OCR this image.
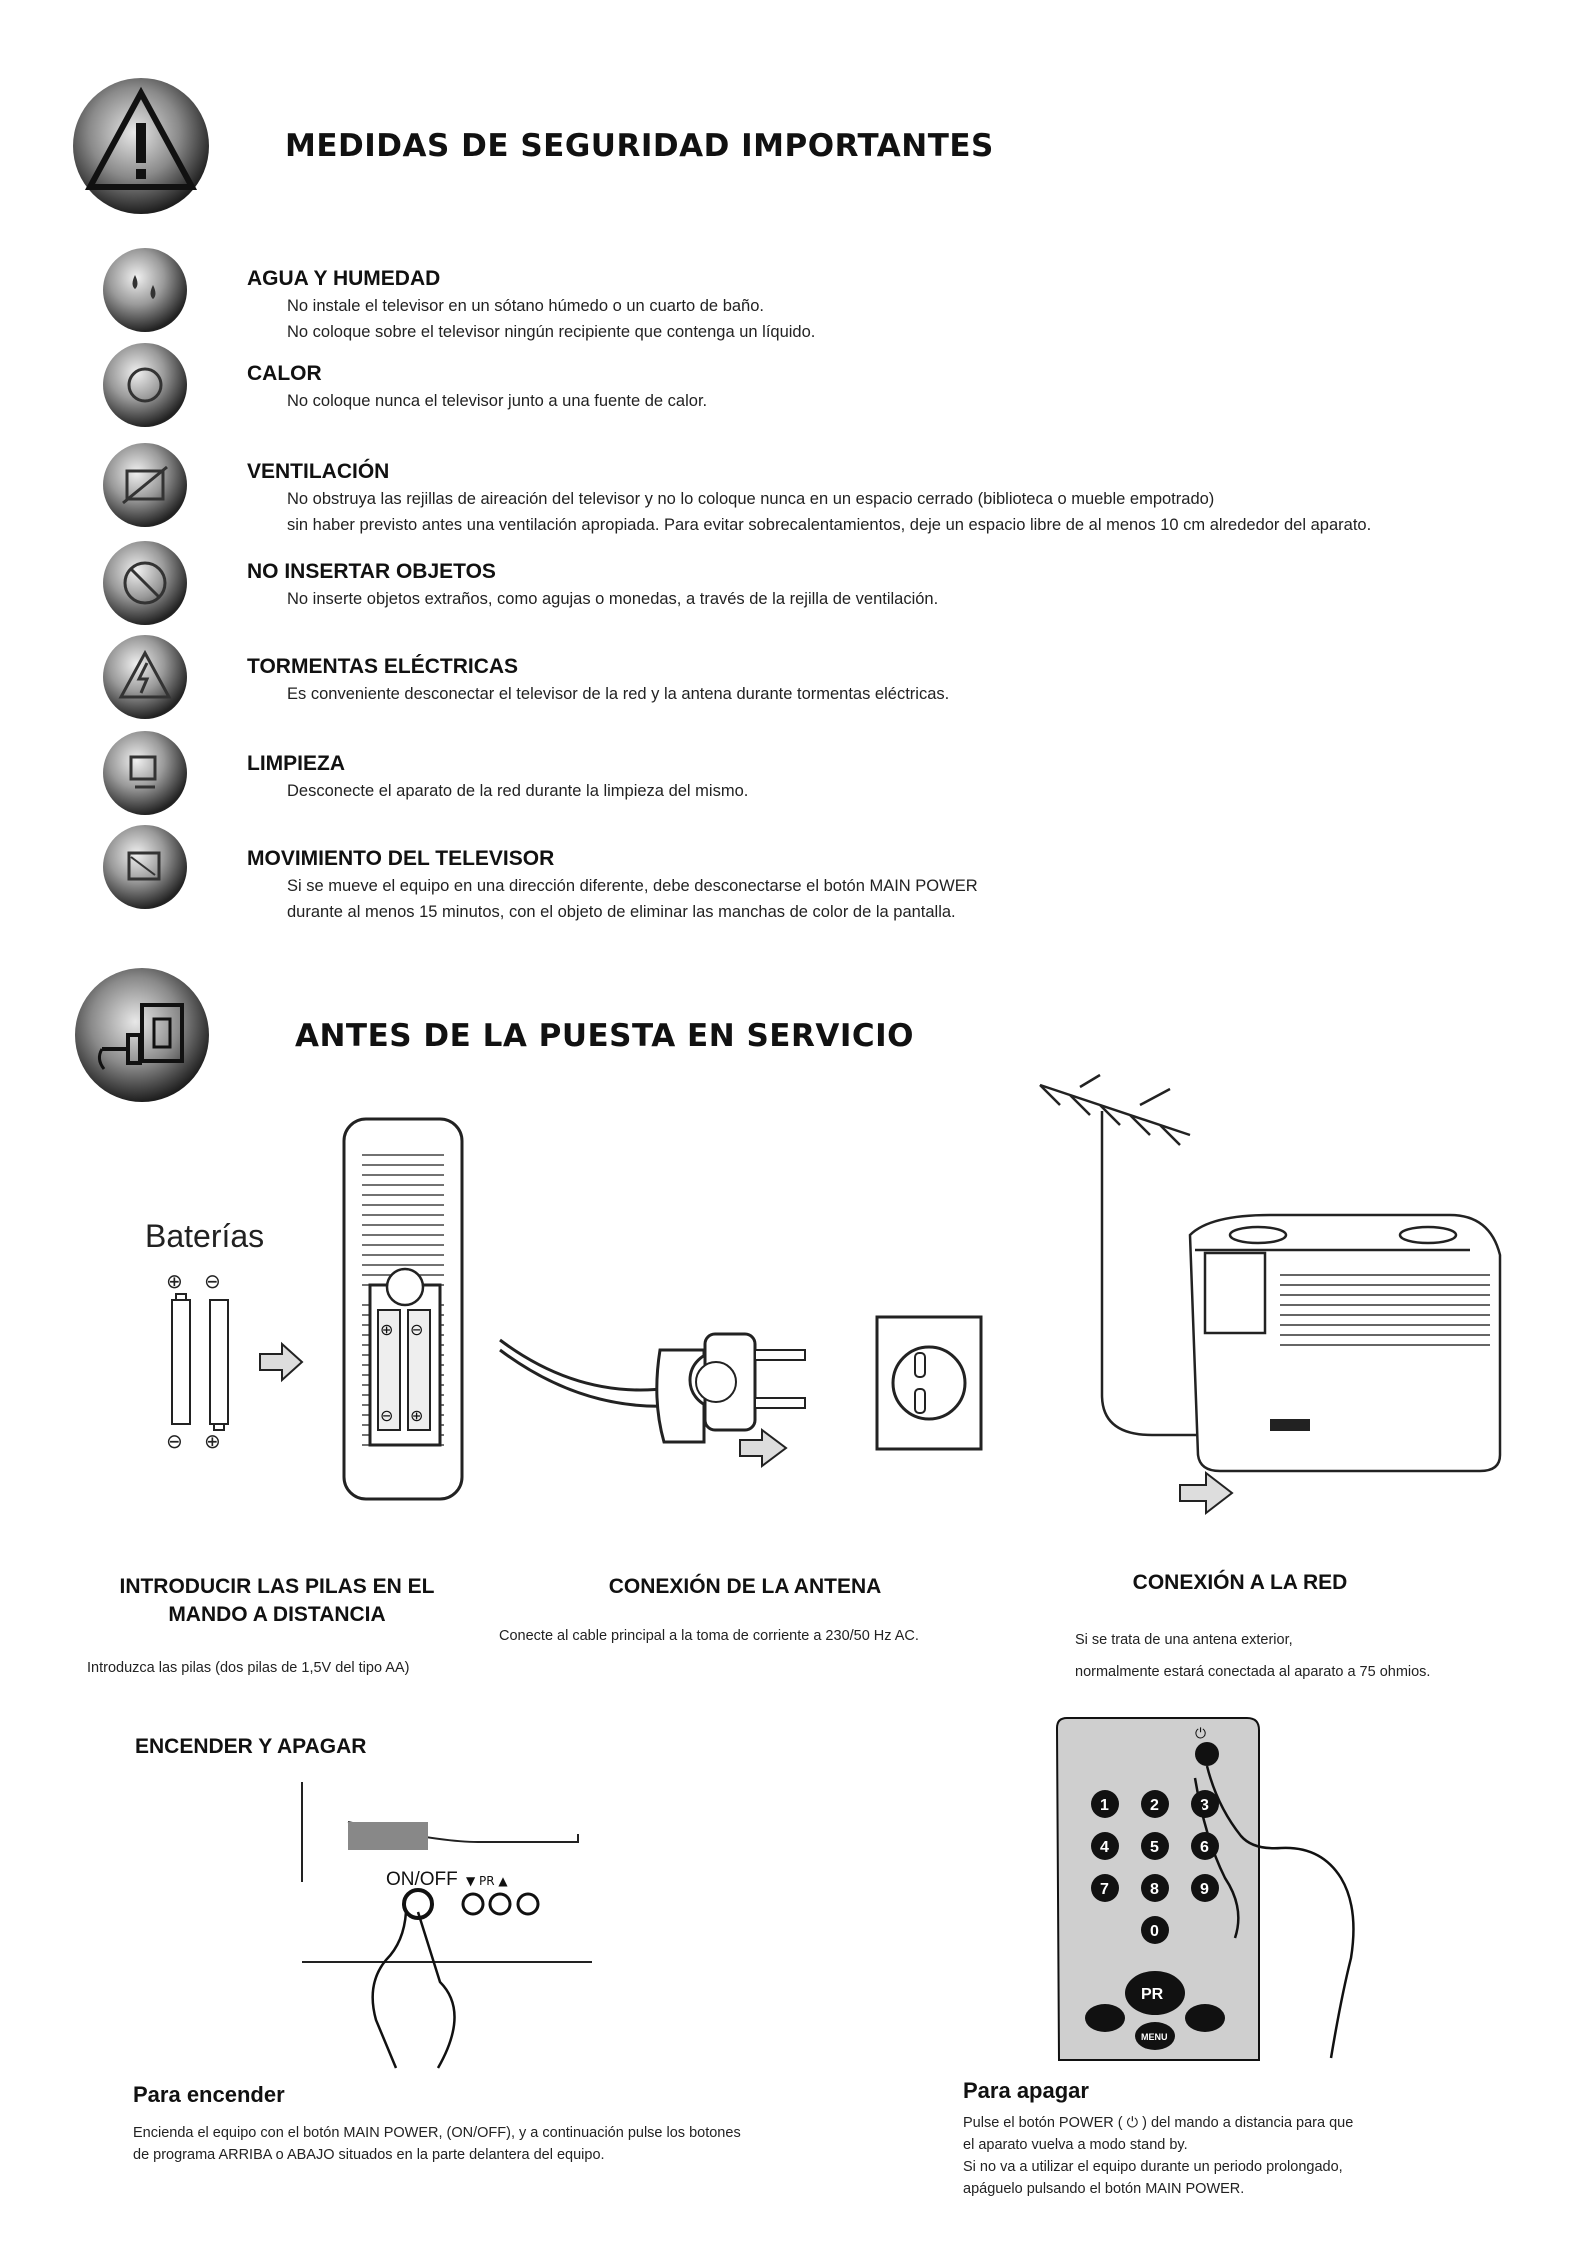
MEDIDAS DE SEGURIDAD IMPORTANTES
AGUA Y HUMEDAD
No instale el televisor en un sótano húmedo o un cuarto de baño.
No coloque sobre el televisor ningún recipiente que contenga un líquido.
CALOR
No coloque nunca el televisor junto a una fuente de calor.
VENTILACIÓN
No obstruya las rejillas de aireación del televisor y no lo coloque nunca en un espacio cerrado (biblioteca o mueble empotrado)
sin haber previsto antes una ventilación apropiada. Para evitar sobrecalentamientos, deje un espacio libre de al menos 10 cm alrededor del aparato.
NO INSERTAR OBJETOS
No inserte objetos extraños, como agujas o monedas, a través de la rejilla de ventilación.
TORMENTAS ELÉCTRICAS
Es conveniente desconectar el televisor de la red y la antena durante tormentas eléctricas.
LIMPIEZA
Desconecte el aparato de la red durante la limpieza del mismo.
MOVIMIENTO DEL TELEVISOR
Si se mueve el equipo en una dirección diferente, debe desconectarse el botón MAIN POWER
durante al menos 15 minutos, con el objeto de eliminar las manchas de color de la pantalla.
ANTES DE LA PUESTA EN SERVICIO
Baterías
⊕ ⊖
⊖ ⊕
⊕ ⊖
⊖ ⊕
INTRODUCIR LAS PILAS EN EL MANDO A DISTANCIA
Introduzca las pilas (dos pilas de 1,5V del tipo AA)
CONEXIÓN DE LA ANTENA
Conecte al cable principal a la toma de corriente a 230/50 Hz AC.
CONEXIÓN A LA RED
Si se trata de una antena exterior,
normalmente estará conectada al aparato a 75 ohmios.
ENCENDER Y APAGAR
ON/OFF ▼ PR ▲
⏻
1	2	3
4	5	6
7	8	9
0
PR
MENU
Para encender
Encienda el equipo con el botón MAIN POWER, (ON/OFF), y a continuación pulse los botones
de programa ARRIBA o ABAJO situados en la parte delantera del equipo.
Para apagar
Pulse el botón POWER ( ⏻ ) del mando a distancia para que
el aparato vuelva a modo stand by.
Si no va a utilizar el equipo durante un periodo prolongado,
apáguelo pulsando el botón MAIN POWER.
